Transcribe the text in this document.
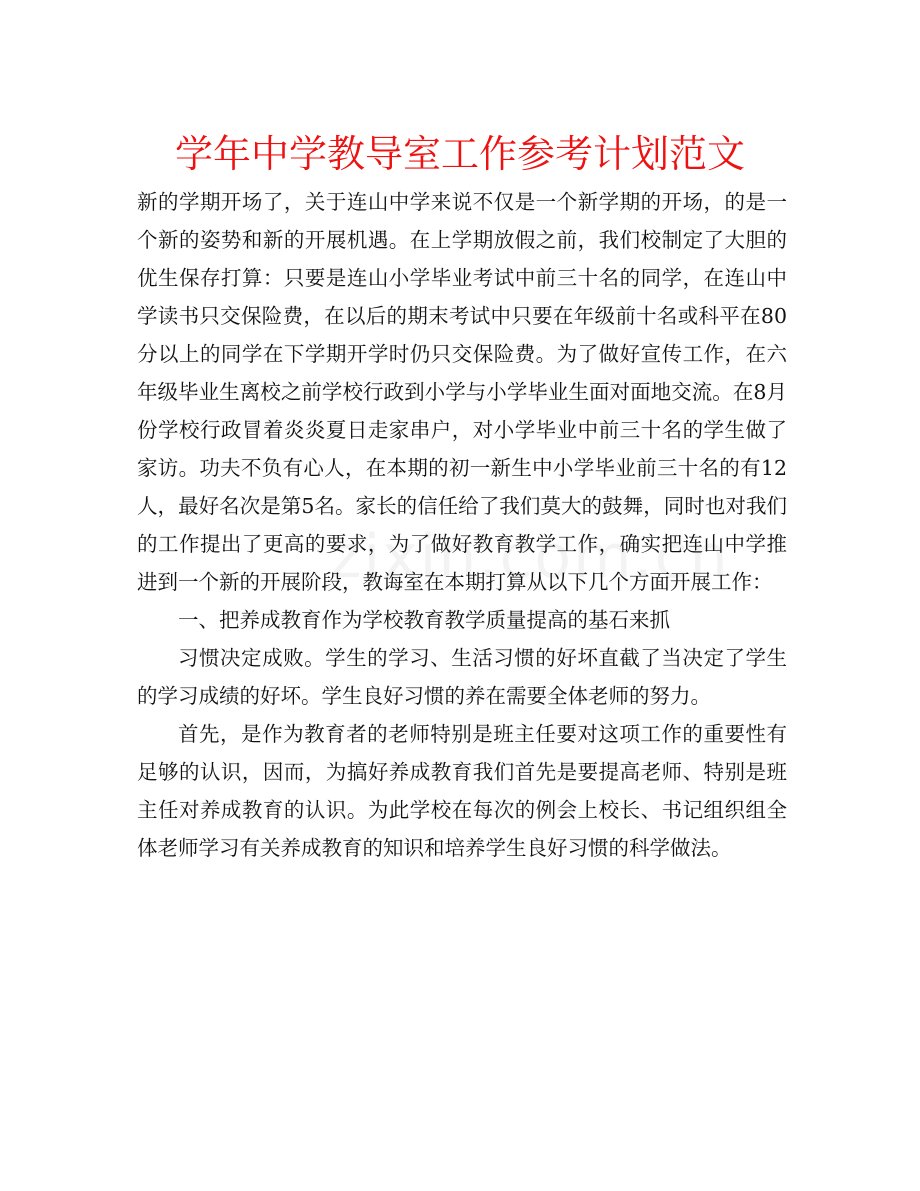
学年中学教导室工作参考计划范文

新的学期开场了，关于连山中学来说不仅是一个新学期的开场，的是一个新的姿势和新的开展机遇。在上学期放假之前，我们校制定了大胆的优生保存打算：只要是连山小学毕业考试中前三十名的同学，在连山中学读书只交保险费，在以后的期末考试中只要在年级前十名或科平在80分以上的同学在下学期开学时仍只交保险费。为了做好宣传工作，在六年级毕业生离校之前学校行政到小学与小学毕业生面对面地交流。在8月份学校行政冒着炎炎夏日走家串户，对小学毕业中前三十名的学生做了家访。功夫不负有心人，在本期的初一新生中小学毕业前三十名的有12人，最好名次是第5名。家长的信任给了我们莫大的鼓舞，同时也对我们的工作提出了更高的要求，为了做好教育教学工作，确实把连山中学推进到一个新的开展阶段，教诲室在本期打算从以下几个方面开展工作：

一、把养成教育作为学校教育教学质量提高的基石来抓

习惯决定成败。学生的学习、生活习惯的好坏直截了当决定了学生的学习成绩的好坏。学生良好习惯的养在需要全体老师的努力。

首先，是作为教育者的老师特别是班主任要对这项工作的重要性有足够的认识，因而，为搞好养成教育我们首先是要提高老师、特别是班主任对养成教育的认识。为此学校在每次的例会上校长、书记组织组全体老师学习有关养成教育的知识和培养学生良好习惯的科学做法。
